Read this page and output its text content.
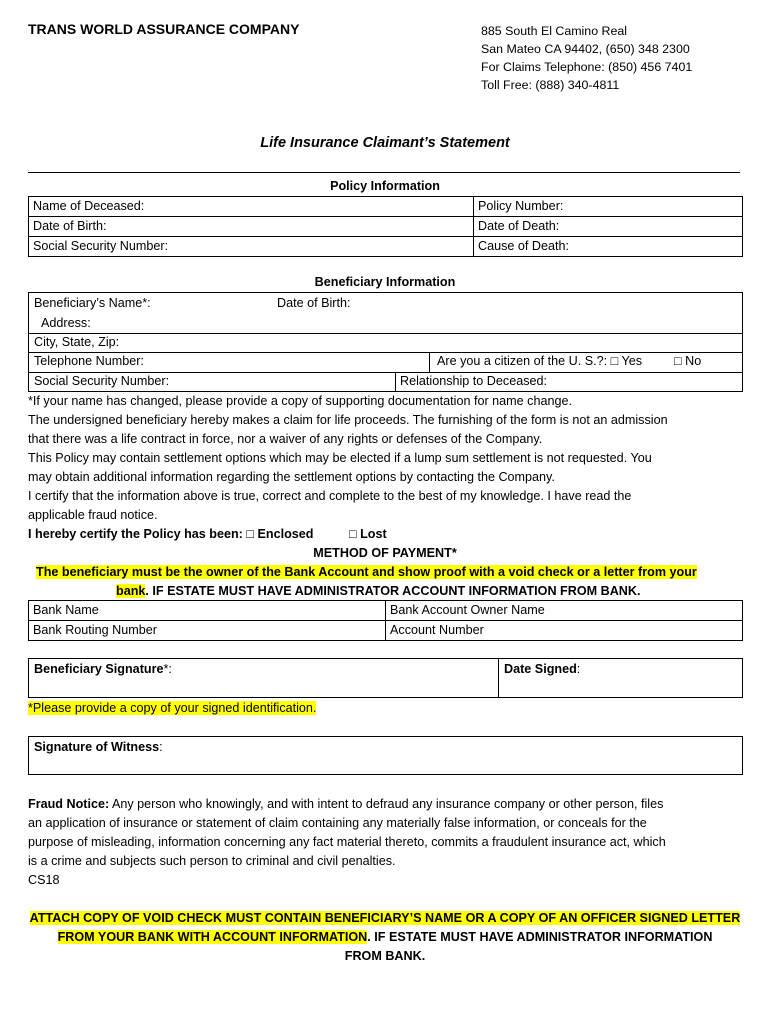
TRANS WORLD ASSURANCE COMPANY	885 South El Camino Real
San Mateo CA 94402, (650) 348 2300
For Claims Telephone: (850) 456 7401
Toll Free: (888) 340-4811
Life Insurance Claimant’s Statement
Policy Information
Name of Deceased:	Policy Number:
Date of Birth:	Date of Death:
Social Security Number:	Cause of Death:
Beneficiary Information
Beneficiary’s Name*:	Date of Birth:
Address:
City, State, Zip:
Telephone Number:	Are you a citizen of the U. S.?: □ Yes	□ No
Social Security Number:	Relationship to Deceased:
*If your name has changed, please provide a copy of supporting documentation for name change.
The undersigned beneficiary hereby makes a claim for life proceeds. The furnishing of the form is not an admission
that there was a life contract in force, nor a waiver of any rights or defenses of the Company.
This Policy may contain settlement options which may be elected if a lump sum settlement is not requested. You
may obtain additional information regarding the settlement options by contacting the Company.
I certify that the information above is true, correct and complete to the best of my knowledge. I have read the
applicable fraud notice.
I hereby certify the Policy has been: □ Enclosed	□ Lost
METHOD OF PAYMENT*
The beneficiary must be the owner of the Bank Account and show proof with a void check or a letter from your
bank. IF ESTATE MUST HAVE ADMINISTRATOR ACCOUNT INFORMATION FROM BANK.
Bank Name	Bank Account Owner Name
Bank Routing Number	Account Number
Beneficiary Signature*:	Date Signed:
*Please provide a copy of your signed identification.
Signature of Witness:
Fraud Notice: Any person who knowingly, and with intent to defraud any insurance company or other person, files
an application of insurance or statement of claim containing any materially false information, or conceals for the
purpose of misleading, information concerning any fact material thereto, commits a fraudulent insurance act, which
is a crime and subjects such person to criminal and civil penalties.
CS18
ATTACH COPY OF VOID CHECK MUST CONTAIN BENEFICIARY’S NAME OR A COPY OF AN OFFICER SIGNED LETTER
FROM YOUR BANK WITH ACCOUNT INFORMATION. IF ESTATE MUST HAVE ADMINISTRATOR INFORMATION
FROM BANK.
